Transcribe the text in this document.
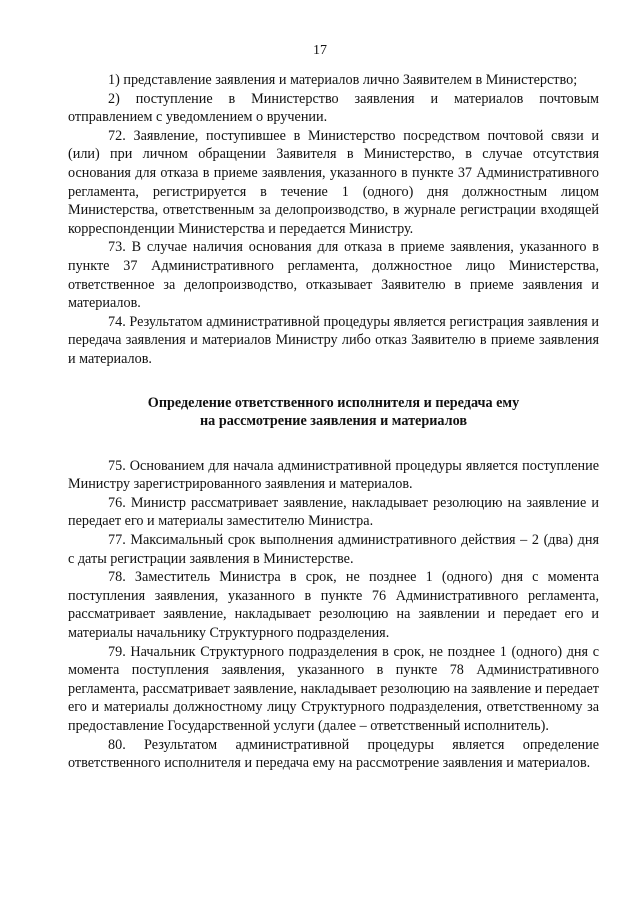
17

1) представление заявления и материалов лично Заявителем в Министерство;

2) поступление в Министерство заявления и материалов почтовым отправлением с уведомлением о вручении.

72. Заявление, поступившее в Министерство посредством почтовой связи и (или) при личном обращении Заявителя в Министерство, в случае отсутствия основания для отказа в приеме заявления, указанного в пункте 37 Административного регламента, регистрируется в течение 1 (одного) дня должностным лицом Министерства, ответственным за делопроизводство, в журнале регистрации входящей корреспонденции Министерства и передается Министру.

73. В случае наличия основания для отказа в приеме заявления, указанного в пункте 37 Административного регламента, должностное лицо Министерства, ответственное за делопроизводство, отказывает Заявителю в приеме заявления и материалов.

74. Результатом административной процедуры является регистрация заявления и передача заявления и материалов Министру либо отказ Заявителю в приеме заявления и материалов.

Определение ответственного исполнителя и передача ему
на рассмотрение заявления и материалов

75. Основанием для начала административной процедуры является поступление Министру зарегистрированного заявления и материалов.

76. Министр рассматривает заявление, накладывает резолюцию на заявление и передает его и материалы заместителю Министра.

77. Максимальный срок выполнения административного действия – 2 (два) дня с даты регистрации заявления в Министерстве.

78. Заместитель Министра в срок, не позднее 1 (одного) дня с момента поступления заявления, указанного в пункте 76 Административного регламента, рассматривает заявление, накладывает резолюцию на заявлении и передает его и материалы начальнику Структурного подразделения.

79. Начальник Структурного подразделения в срок, не позднее 1 (одного) дня с момента поступления заявления, указанного в пункте 78 Административного регламента, рассматривает заявление, накладывает резолюцию на заявление и передает его и материалы должностному лицу Структурного подразделения, ответственному за предоставление Государственной услуги (далее – ответственный исполнитель).

80. Результатом административной процедуры является определение ответственного исполнителя и передача ему на рассмотрение заявления и материалов.
